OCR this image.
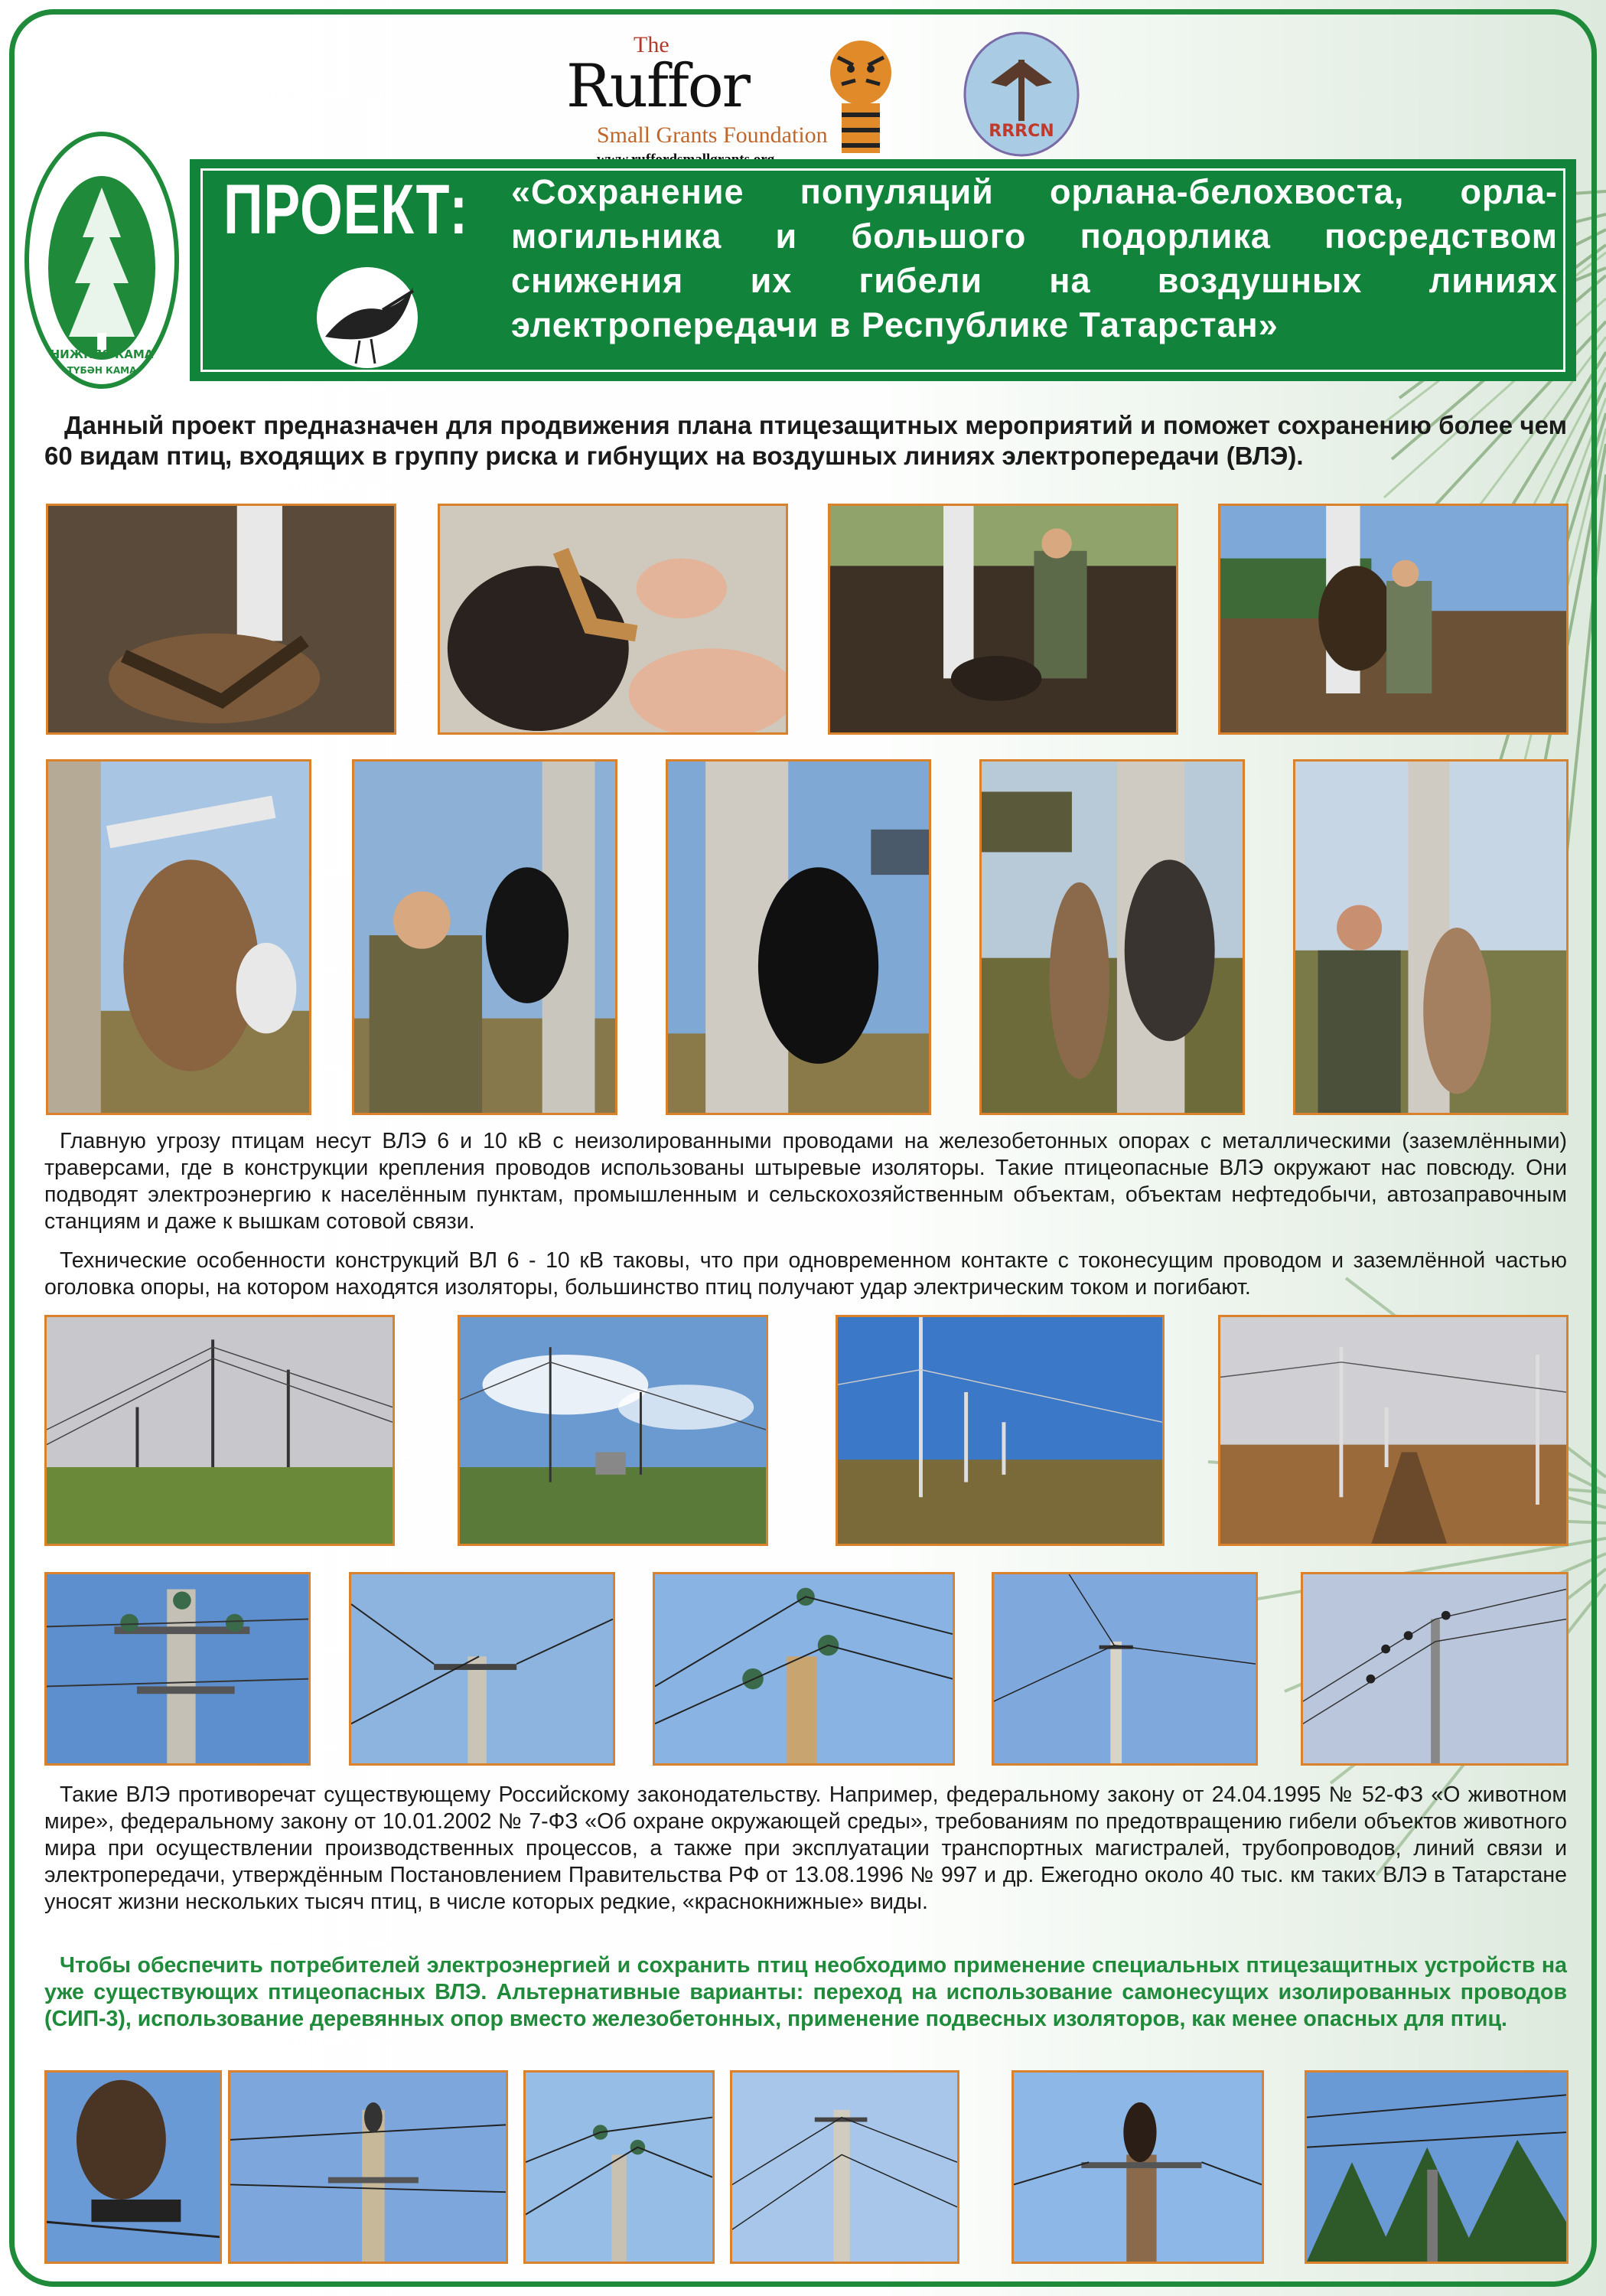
НИЖНЯЯ КАМА
ТҮБӘН КАМА
The
Ruffor
Small Grants Foundation	RRRCN
ПРОЕКТ: «Сохранение популяций орлана-белохвоста, орла-могильника и большого подорлика посредством снижения их гибели на воздушных линиях электропередачи в Республике Татарстан»
Данный проект предназначен для продвижения плана птицезащитных мероприятий и поможет сохранению более чем 60 видам птиц, входящих в группу риска и гибнущих на воздушных линиях электропередачи (ВЛЭ).
Главную угрозу птицам несут ВЛЭ 6 и 10 кВ с неизолированными проводами на железобетонных опорах с металлическими (заземлёнными) траверсами, где в конструкции крепления проводов использованы штыревые изоляторы. Такие птицеопасные ВЛЭ окружают нас повсюду. Они подводят электроэнергию к населённым пунктам, промышленным и сельскохозяйственным объектам, объектам нефтедобычи, автозаправочным станциям и даже к вышкам сотовой связи.
Технические особенности конструкций ВЛ 6 - 10 кВ таковы, что при одновременном контакте с токонесущим проводом и заземлённой частью оголовка опоры, на котором находятся изоляторы, большинство птиц получают удар электрическим током и погибают.
Такие ВЛЭ противоречат существующему Российскому законодательству. Например, федеральному закону от 24.04.1995 № 52-ФЗ «О животном мире», федеральному закону от 10.01.2002 № 7-ФЗ «Об охране окружающей среды», требованиям по предотвращению гибели объектов животного мира при осуществлении производственных процессов, а также при эксплуатации транспортных магистралей, трубопроводов, линий связи и электропередачи, утверждённым Постановлением Правительства РФ от 13.08.1996 № 997 и др. Ежегодно около 40 тыс. км таких ВЛЭ в Татарстане уносят жизни нескольких тысяч птиц, в числе которых редкие, «краснокнижные» виды.
Чтобы обеспечить потребителей электроэнергией и сохранить птиц необходимо применение специальных птицезащитных устройств на уже существующих птицеопасных ВЛЭ. Альтернативные варианты: переход на использование самонесущих изолированных проводов (СИП-3), использование деревянных опор вместо железобетонных, применение подвесных изоляторов, как менее опасных для птиц.
